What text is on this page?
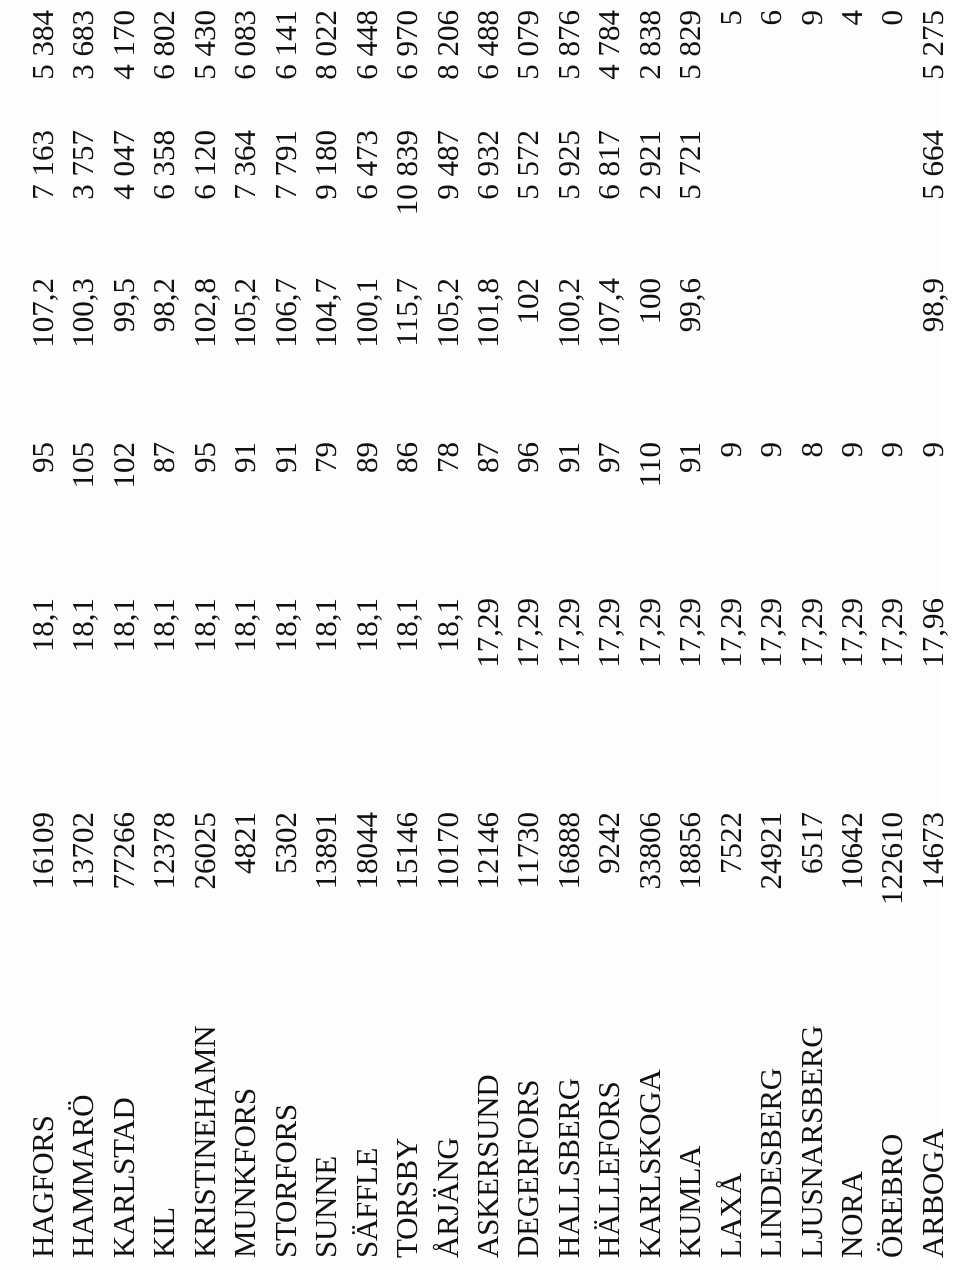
HAGFORS
16109
18,1
95
107,2
7 163
5 384
HAMMARÖ
13702
18,1
105
100,3
3 757
3 683
KARLSTAD
77266
18,1
102
99,5
4 047
4 170
KIL
12378
18,1
87
98,2
6 358
6 802
KRISTINEHAMN
26025
18,1
95
102,8
6 120
5 430
MUNKFORS
4821
18,1
91
105,2
7 364
6 083
STORFORS
5302
18,1
91
106,7
7 791
6 141
SUNNE
13891
18,1
79
104,7
9 180
8 022
SÄFFLE
18044
18,1
89
100,1
6 473
6 448
TORSBY
15146
18,1
86
115,7
10 839
6 970
ÅRJÄNG
10170
18,1
78
105,2
9 487
8 206
ASKERSUND
12146
17,29
87
101,8
6 932
6 488
DEGERFORS
11730
17,29
96
102
5 572
5 079
HALLSBERG
16888
17,29
91
100,2
5 925
5 876
HÄLLEFORS
9242
17,29
97
107,4
6 817
4 784
KARLSKOGA
33806
17,29
110
100
2 921
2 838
KUMLA
18856
17,29
91
99,6
5 721
5 829
LAXÅ
7522
17,29
9
5
LINDESBERG
24921
17,29
9
6
LJUSNARSBERG
6517
17,29
8
9
NORA
10642
17,29
9
4
ÖREBRO
122610
17,29
9
0
ARBOGA
14673
17,96
9
98,9
5 664
5 275
